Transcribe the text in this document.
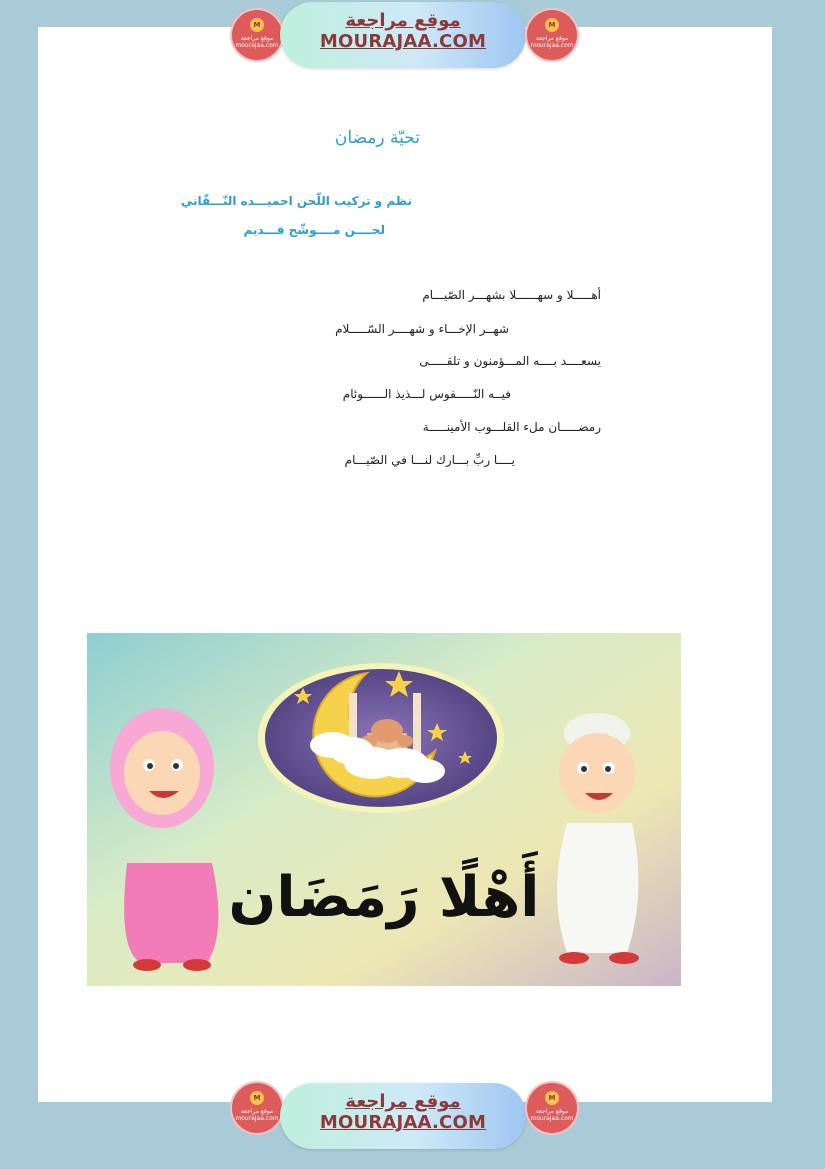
M
موقع مراجعة
mourajaa.com
موقع مراجعة
MOURAJAA.COM
M
موقع مراجعة
mourajaa.com
تحيّة رمضان
نظم و تركيب اللّحن احميـــده النّـــقّاني
لحــــن مــــوشّح قـــديم
أهـــــلا و سهــــــلا بشهـــر الصّيـــام
شهــر الإخـــاء و شهــــر السّـــــلام
يسعــــد بــــه المـــؤمنون و تلقـــــى
فيــه النّـــــفوس لـــذيذ الــــــوئام
رمضـــــان ملء القلـــوب الأمينـــــة
يــــا ربِّ بـــارك لنـــا في الصّيـــام
أَهْلًا رَمَضَان
M
موقع مراجعة
mourajaa.com
موقع مراجعة
MOURAJAA.COM
M
موقع مراجعة
mourajaa.com
